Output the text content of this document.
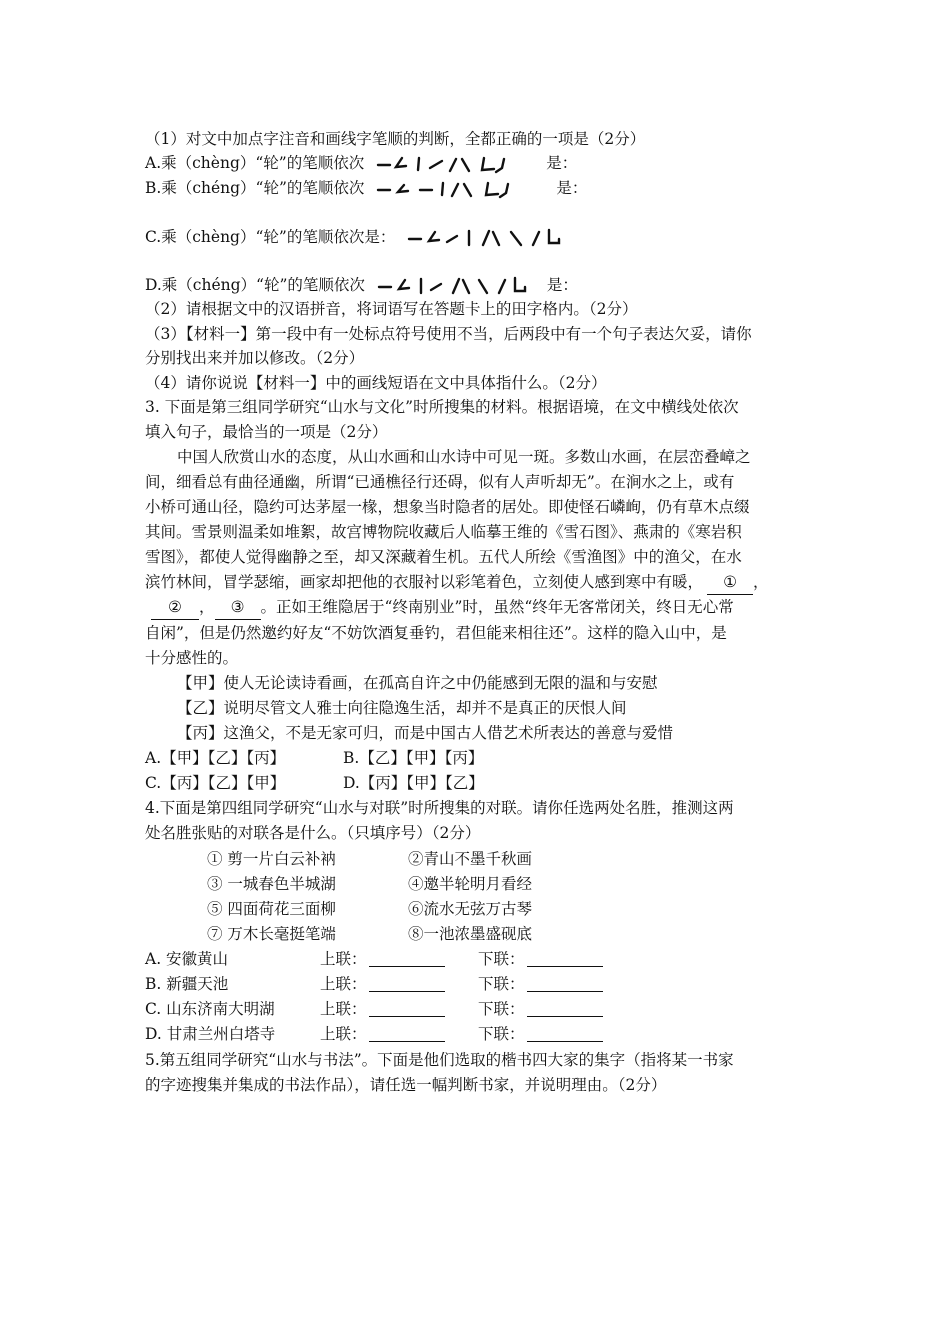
（1）对文中加点字注音和画线字笔顺的判断，全都正确的一项是（2分）
A.乘（chèng）“轮”的笔顺依次	是：
B.乘（chéng）“轮”的笔顺依次	是：
C.乘（chèng）“轮”的笔顺依次是：
D.乘（chéng）“轮”的笔顺依次	是：
（2）请根据文中的汉语拼音，将词语写在答题卡上的田字格内。（2分）
（3）【材料一】第一段中有一处标点符号使用不当，后两段中有一个句子表达欠妥，请你
分别找出来并加以修改。（2分）
（4）请你说说【材料一】中的画线短语在文中具体指什么。（2分）
3. 下面是第三组同学研究“山水与文化”时所搜集的材料。根据语境，在文中横线处依次
填入句子，最恰当的一项是（2分）
中国人欣赏山水的态度，从山水画和山水诗中可见一斑。多数山水画，在层峦叠嶂之
间，细看总有曲径通幽，所谓“已通樵径行还碍，似有人声听却无”。在涧水之上，或有
小桥可通山径，隐约可达茅屋一椽，想象当时隐者的居处。即使怪石嶙峋，仍有草木点缀
其间。雪景则温柔如堆絮，故宫博物院收藏后人临摹王维的《雪石图》、燕肃的《寒岩积
雪图》，都使人觉得幽静之至，却又深藏着生机。五代人所绘《雪渔图》中的渔父，在水
滨竹林间，冒学瑟缩，画家却把他的衣服衬以彩笔着色，立刻使人感到寒中有暖， ① ，
② ， ③ 。正如王维隐居于“终南别业”时，虽然“终年无客常闭关，终日无心常
自闲”，但是仍然邀约好友“不妨饮酒复垂钓，君但能来相往还”。这样的隐入山中，是
十分感性的。
【甲】使人无论读诗看画，在孤高自许之中仍能感到无限的温和与安慰
【乙】说明尽管文人雅士向往隐逸生活，却并不是真正的厌恨人间
【丙】这渔父，不是无家可归，而是中国古人借艺术所表达的善意与爱惜
A.【甲】【乙】【丙】	B.【乙】【甲】【丙】
C.【丙】【乙】【甲】	D.【丙】【甲】【乙】
4.下面是第四组同学研究“山水与对联”时所搜集的对联。请你任选两处名胜，推测这两
处名胜张贴的对联各是什么。（只填序号）（2分）
① 剪一片白云补衲	②青山不墨千秋画
③ 一城春色半城湖	④邀半轮明月看经
⑤ 四面荷花三面柳	⑥流水无弦万古琴
⑦ 万木长毫挺笔端	⑧一池浓墨盛砚底
A. 安徽黄山	上联：	下联：
B. 新疆天池	上联：	下联：
C. 山东济南大明湖	上联：	下联：
D. 甘肃兰州白塔寺	上联：	下联：
5.第五组同学研究“山水与书法”。下面是他们选取的楷书四大家的集字（指将某一书家
的字迹搜集并集成的书法作品），请任选一幅判断书家，并说明理由。（2分）
